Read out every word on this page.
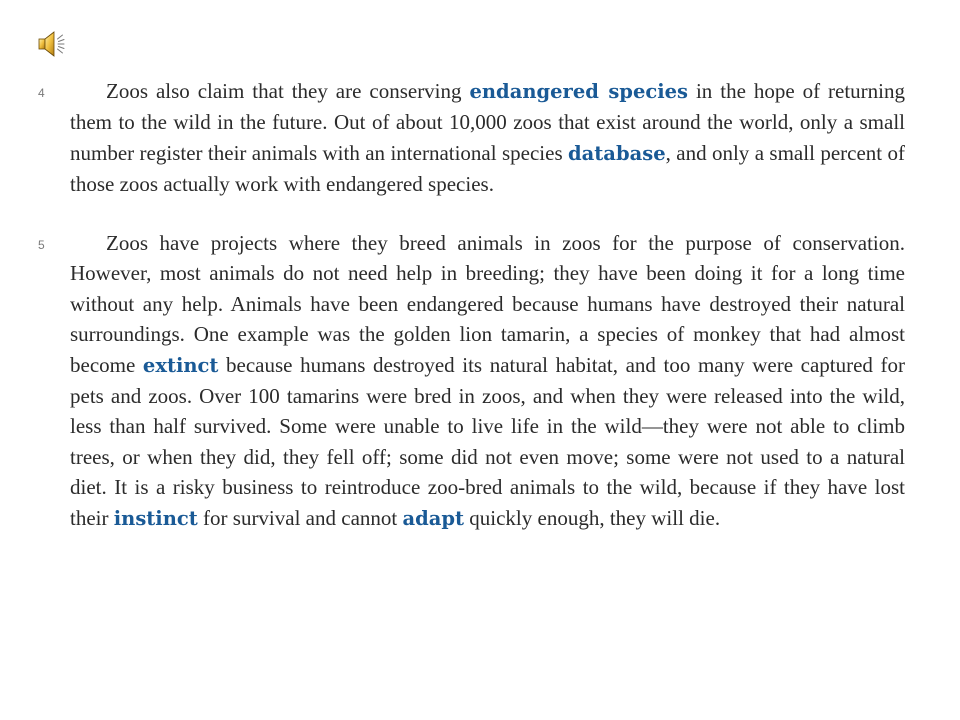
4	Zoos also claim that they are conserving endangered species in the hope of returning them to the wild in the future. Out of about 10,000 zoos that exist around the world, only a small number register their animals with an international species database, and only a small percent of those zoos actually work with endangered species.

5	Zoos have projects where they breed animals in zoos for the purpose of conservation. However, most animals do not need help in breeding; they have been doing it for a long time without any help. Animals have been endangered because humans have destroyed their natural surroundings. One example was the golden lion tamarin, a species of monkey that had almost become extinct because humans destroyed its natural habitat, and too many were captured for pets and zoos. Over 100 tamarins were bred in zoos, and when they were released into the wild, less than half survived. Some were unable to live life in the wild—they were not able to climb trees, or when they did, they fell off; some did not even move; some were not used to a natural diet. It is a risky business to reintroduce zoo-bred animals to the wild, because if they have lost their instinct for survival and cannot adapt quickly enough, they will die.
